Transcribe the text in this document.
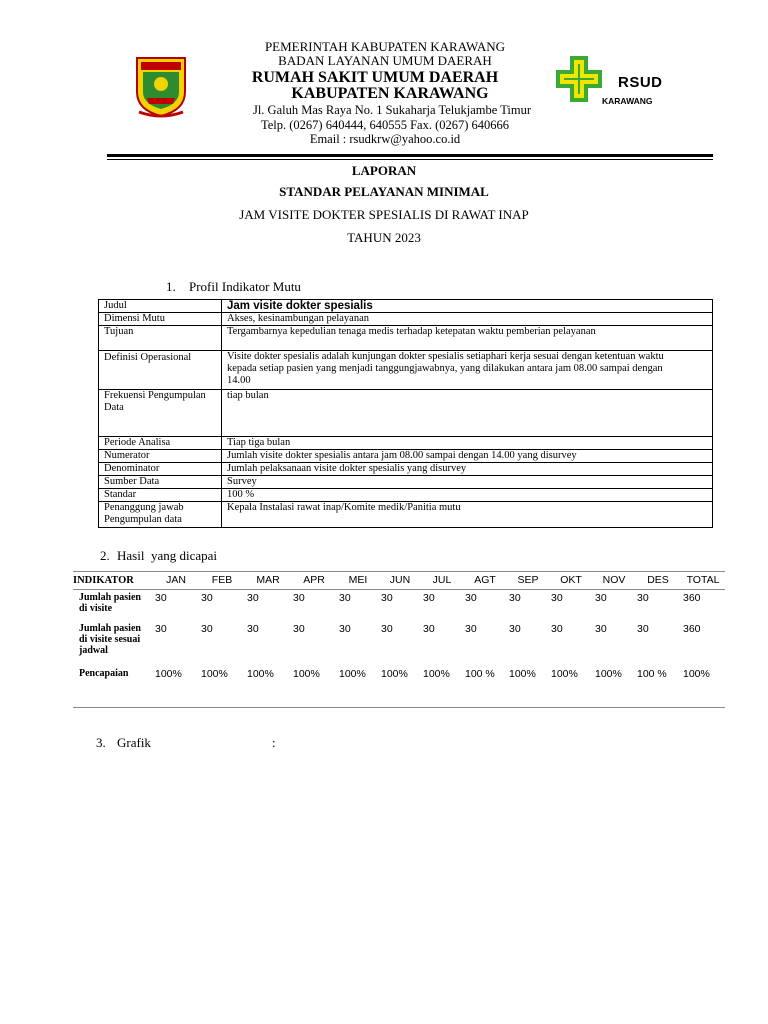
RSUD
KARAWANG
PEMERINTAH KABUPATEN KARAWANG
BADAN LAYANAN UMUM DAERAH
RUMAH SAKIT UMUM DAERAH
KABUPATEN KARAWANG
Jl. Galuh Mas Raya No. 1 Sukaharja Telukjambe Timur
Telp. (0267) 640444, 640555 Fax. (0267) 640666
Email : rsudkrw@yahoo.co.id
LAPORAN
STANDAR PELAYANAN MINIMAL
JAM VISITE DOKTER SPESIALIS DI RAWAT INAP
TAHUN 2023
1. Profil Indikator Mutu
Judul	Jam visite dokter spesialis
Dimensi Mutu	Akses, kesinambungan pelayanan
Tujuan	Tergambarnya kepedulian tenaga medis terhadap ketepatan waktu pemberian pelayanan
Definisi Operasional	Visite dokter spesialis adalah kunjungan dokter spesialis setiaphari kerja sesuai dengan ketentuan waktu kepada setiap pasien yang menjadi tanggungjawabnya, yang dilakukan antara jam 08.00 sampai dengan 14.00
Frekuensi Pengumpulan Data	tiap bulan
Periode Analisa	Tiap tiga bulan
Numerator	Jumlah visite dokter spesialis antara jam 08.00 sampai dengan 14.00 yang disurvey
Denominator	Jumlah pelaksanaan visite dokter spesialis yang disurvey
Sumber Data	Survey
Standar	100 %
Penanggung jawab Pengumpulan data	Kepala Instalasi rawat inap/Komite medik/Panitia mutu
2. Hasil  yang dicapai
INDIKATOR	JAN	FEB	MAR	APR	MEI	JUN	JUL	AGT	SEP	OKT	NOV	DES	TOTAL
Jumlah pasien di visite	30	30	30	30	30	30	30	30	30	30	30	30	360
Jumlah pasien di visite sesuai jadwal	30	30	30	30	30	30	30	30	30	30	30	30	360
Pencapaian	100%	100%	100%	100%	100%	100%	100%	100 %	100%	100%	100%	100 %	100%
3. Grafik	:
